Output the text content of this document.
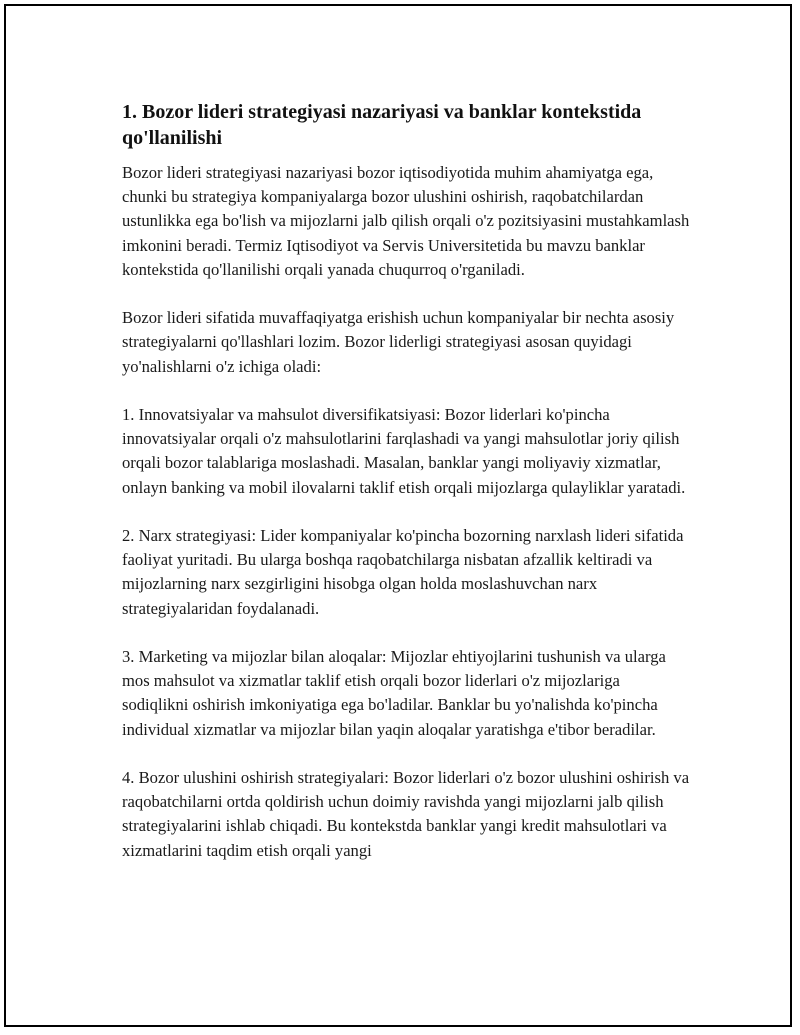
1. Bozor lideri strategiyasi nazariyasi va banklar kontekstida qo'llanilishi

Bozor lideri strategiyasi nazariyasi bozor iqtisodiyotida muhim ahamiyatga ega, chunki bu strategiya kompaniyalarga bozor ulushini oshirish, raqobatchilardan ustunlikka ega bo'lish va mijozlarni jalb qilish orqali o'z pozitsiyasini mustahkamlash imkonini beradi. Termiz Iqtisodiyot va Servis Universitetida bu mavzu banklar kontekstida qo'llanilishi orqali yanada chuqurroq o'rganiladi.

Bozor lideri sifatida muvaffaqiyatga erishish uchun kompaniyalar bir nechta asosiy strategiyalarni qo'llashlari lozim. Bozor liderligi strategiyasi asosan quyidagi yo'nalishlarni o'z ichiga oladi:

1. Innovatsiyalar va mahsulot diversifikatsiyasi: Bozor liderlari ko'pincha innovatsiyalar orqali o'z mahsulotlarini farqlashadi va yangi mahsulotlar joriy qilish orqali bozor talablariga moslashadi. Masalan, banklar yangi moliyaviy xizmatlar, onlayn banking va mobil ilovalarni taklif etish orqali mijozlarga qulayliklar yaratadi.

2. Narx strategiyasi: Lider kompaniyalar ko'pincha bozorning narxlash lideri sifatida faoliyat yuritadi. Bu ularga boshqa raqobatchilarga nisbatan afzallik keltiradi va mijozlarning narx sezgirligini hisobga olgan holda moslashuvchan narx strategiyalaridan foydalanadi.

3. Marketing va mijozlar bilan aloqalar: Mijozlar ehtiyojlarini tushunish va ularga mos mahsulot va xizmatlar taklif etish orqali bozor liderlari o'z mijozlariga sodiqlikni oshirish imkoniyatiga ega bo'ladilar. Banklar bu yo'nalishda ko'pincha individual xizmatlar va mijozlar bilan yaqin aloqalar yaratishga e'tibor beradilar.

4. Bozor ulushini oshirish strategiyalari: Bozor liderlari o'z bozor ulushini oshirish va raqobatchilarni ortda qoldirish uchun doimiy ravishda yangi mijozlarni jalb qilish strategiyalarini ishlab chiqadi. Bu kontekstda banklar yangi kredit mahsulotlari va xizmatlarini taqdim etish orqali yangi
